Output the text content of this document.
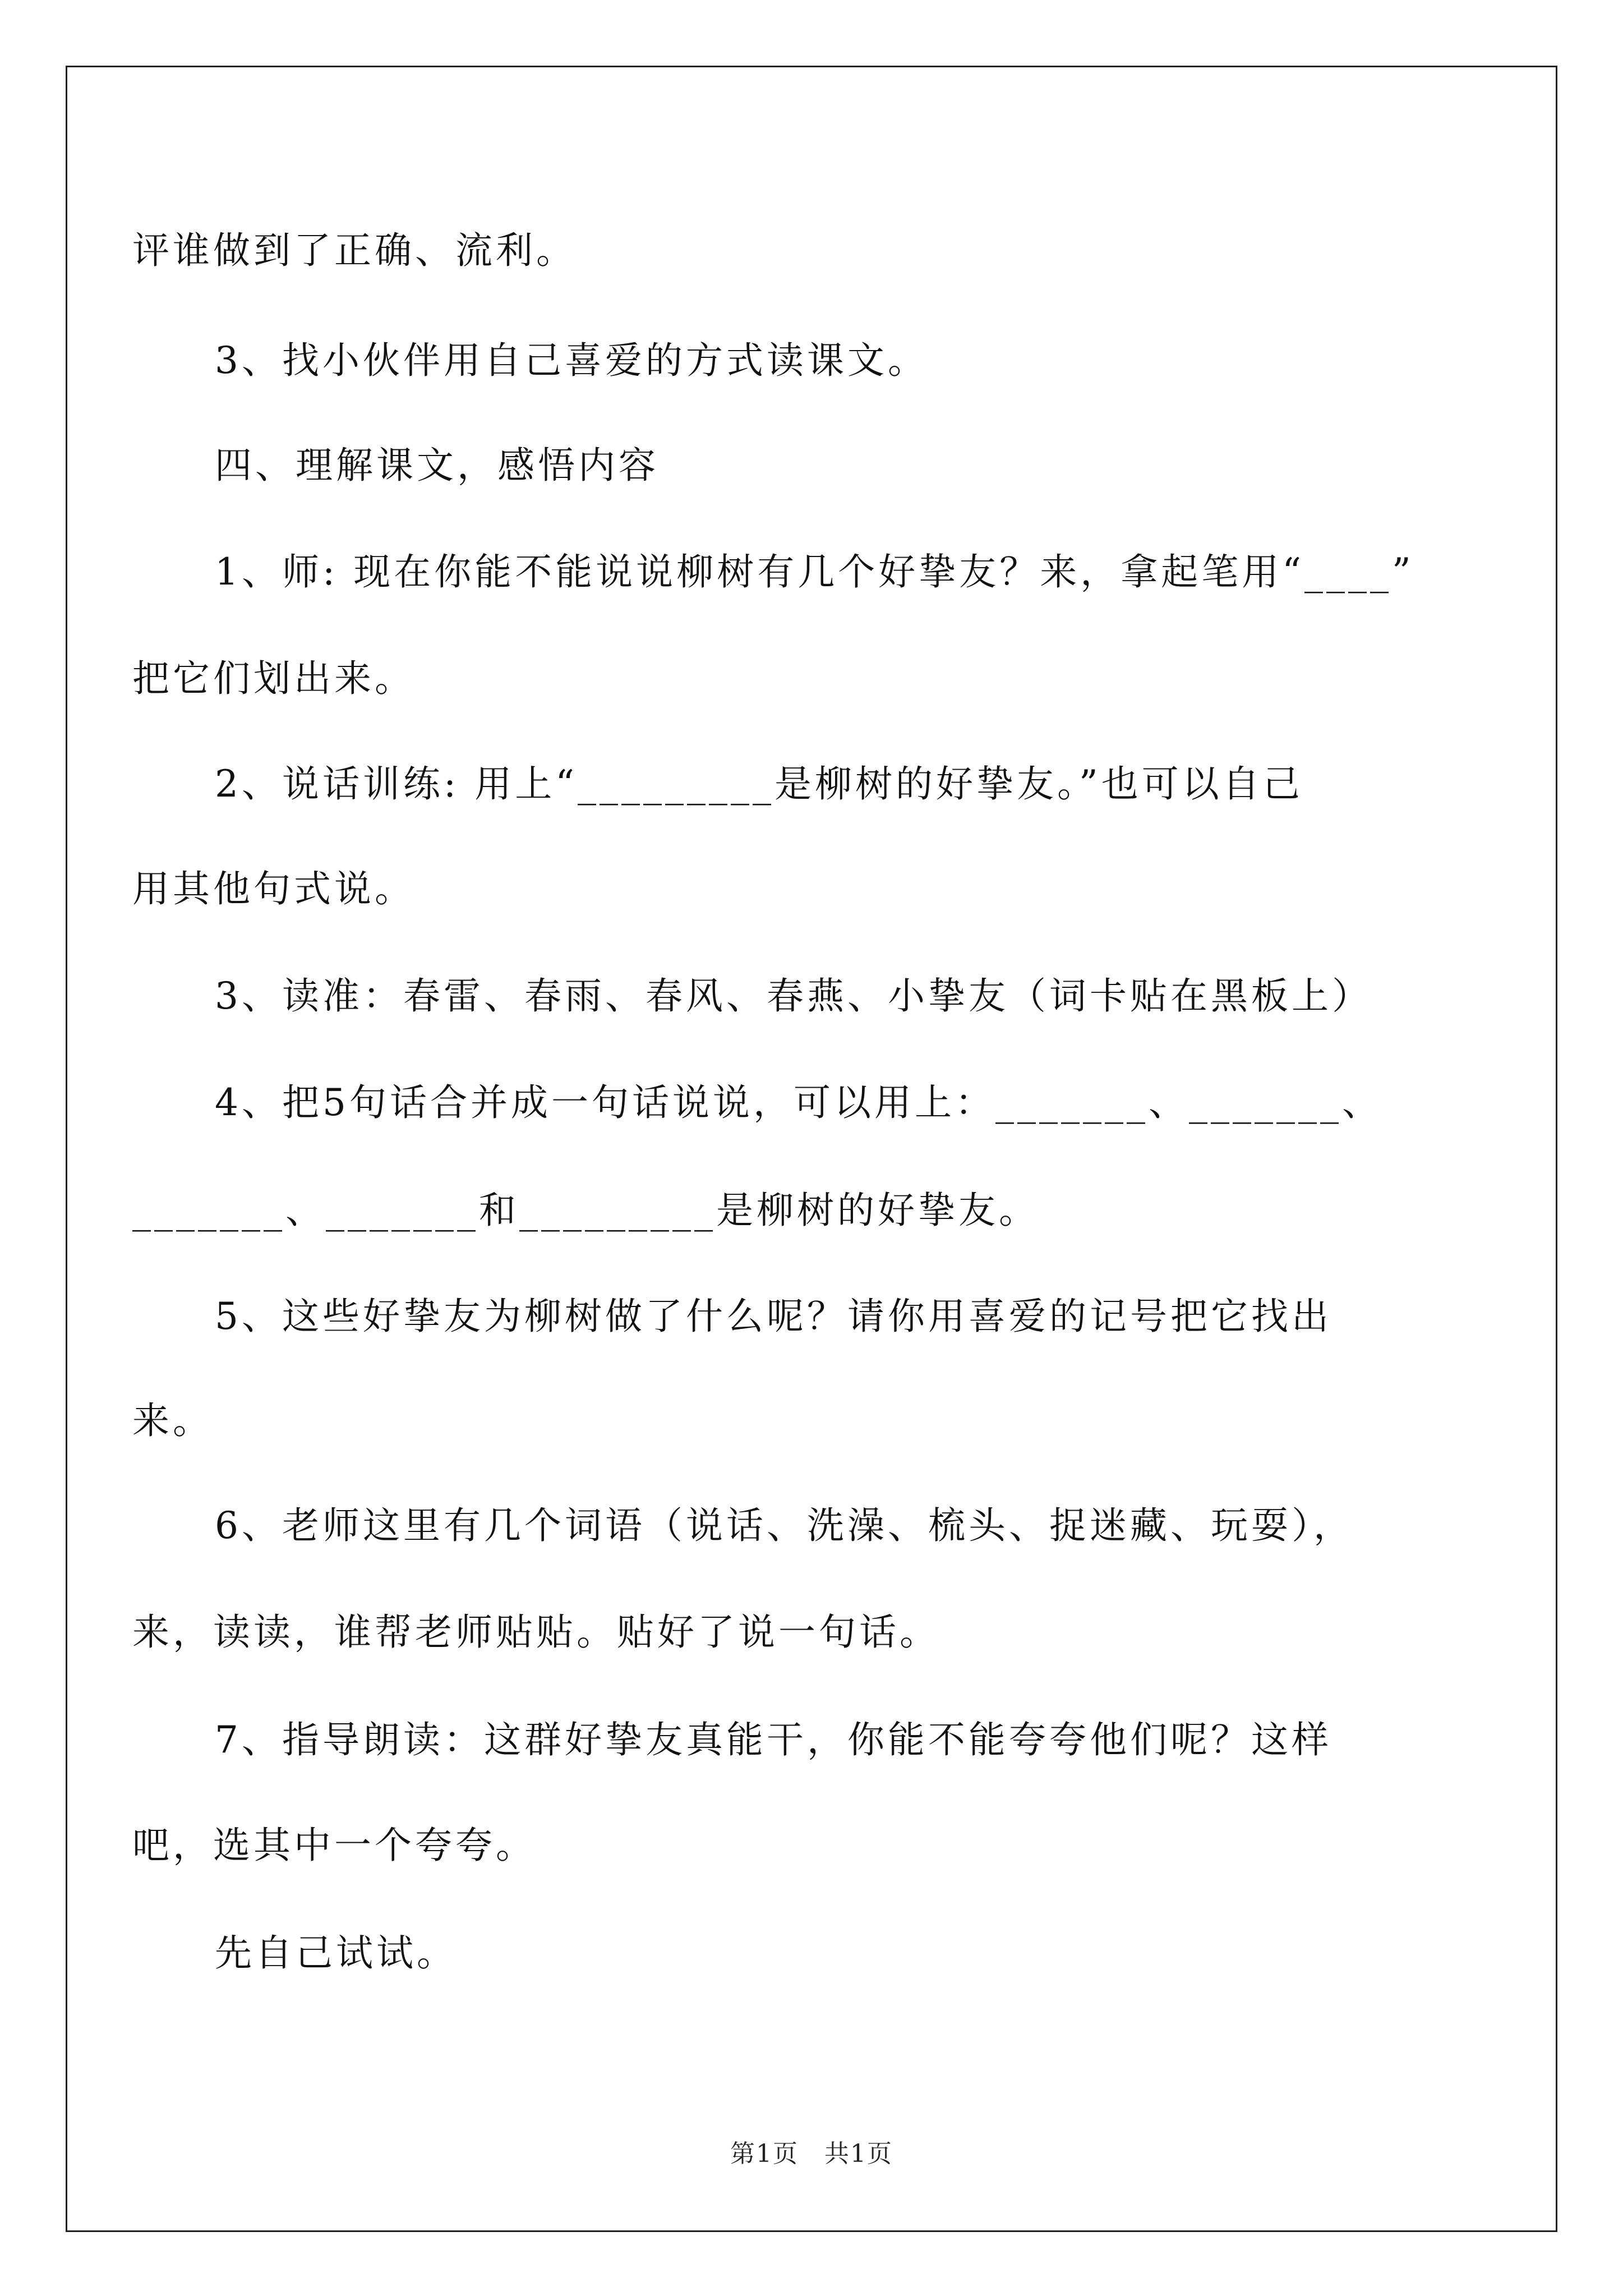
评谁做到了正确、流利。

3、找小伙伴用自己喜爱的方式读课文。

四、理解课文，感悟内容

1、师: 现在你能不能说说柳树有几个好挚友？来，拿起笔用“____”

把它们划出来。

2、说话训练: 用上“_________是柳树的好挚友。”也可以自己

用其他句式说。

3、读准：春雷、春雨、春风、春燕、小挚友（词卡贴在黑板上）

4、把5句话合并成一句话说说，可以用上：_______、_______、

_______、_______和_________是柳树的好挚友。

5、这些好挚友为柳树做了什么呢？请你用喜爱的记号把它找出

来。

6、老师这里有几个词语（说话、洗澡、梳头、捉迷藏、玩耍），

来，读读，谁帮老师贴贴。贴好了说一句话。

7、指导朗读：这群好挚友真能干，你能不能夸夸他们呢？这样

吧，选其中一个夸夸。

先自己试试。

第1页　共1页
